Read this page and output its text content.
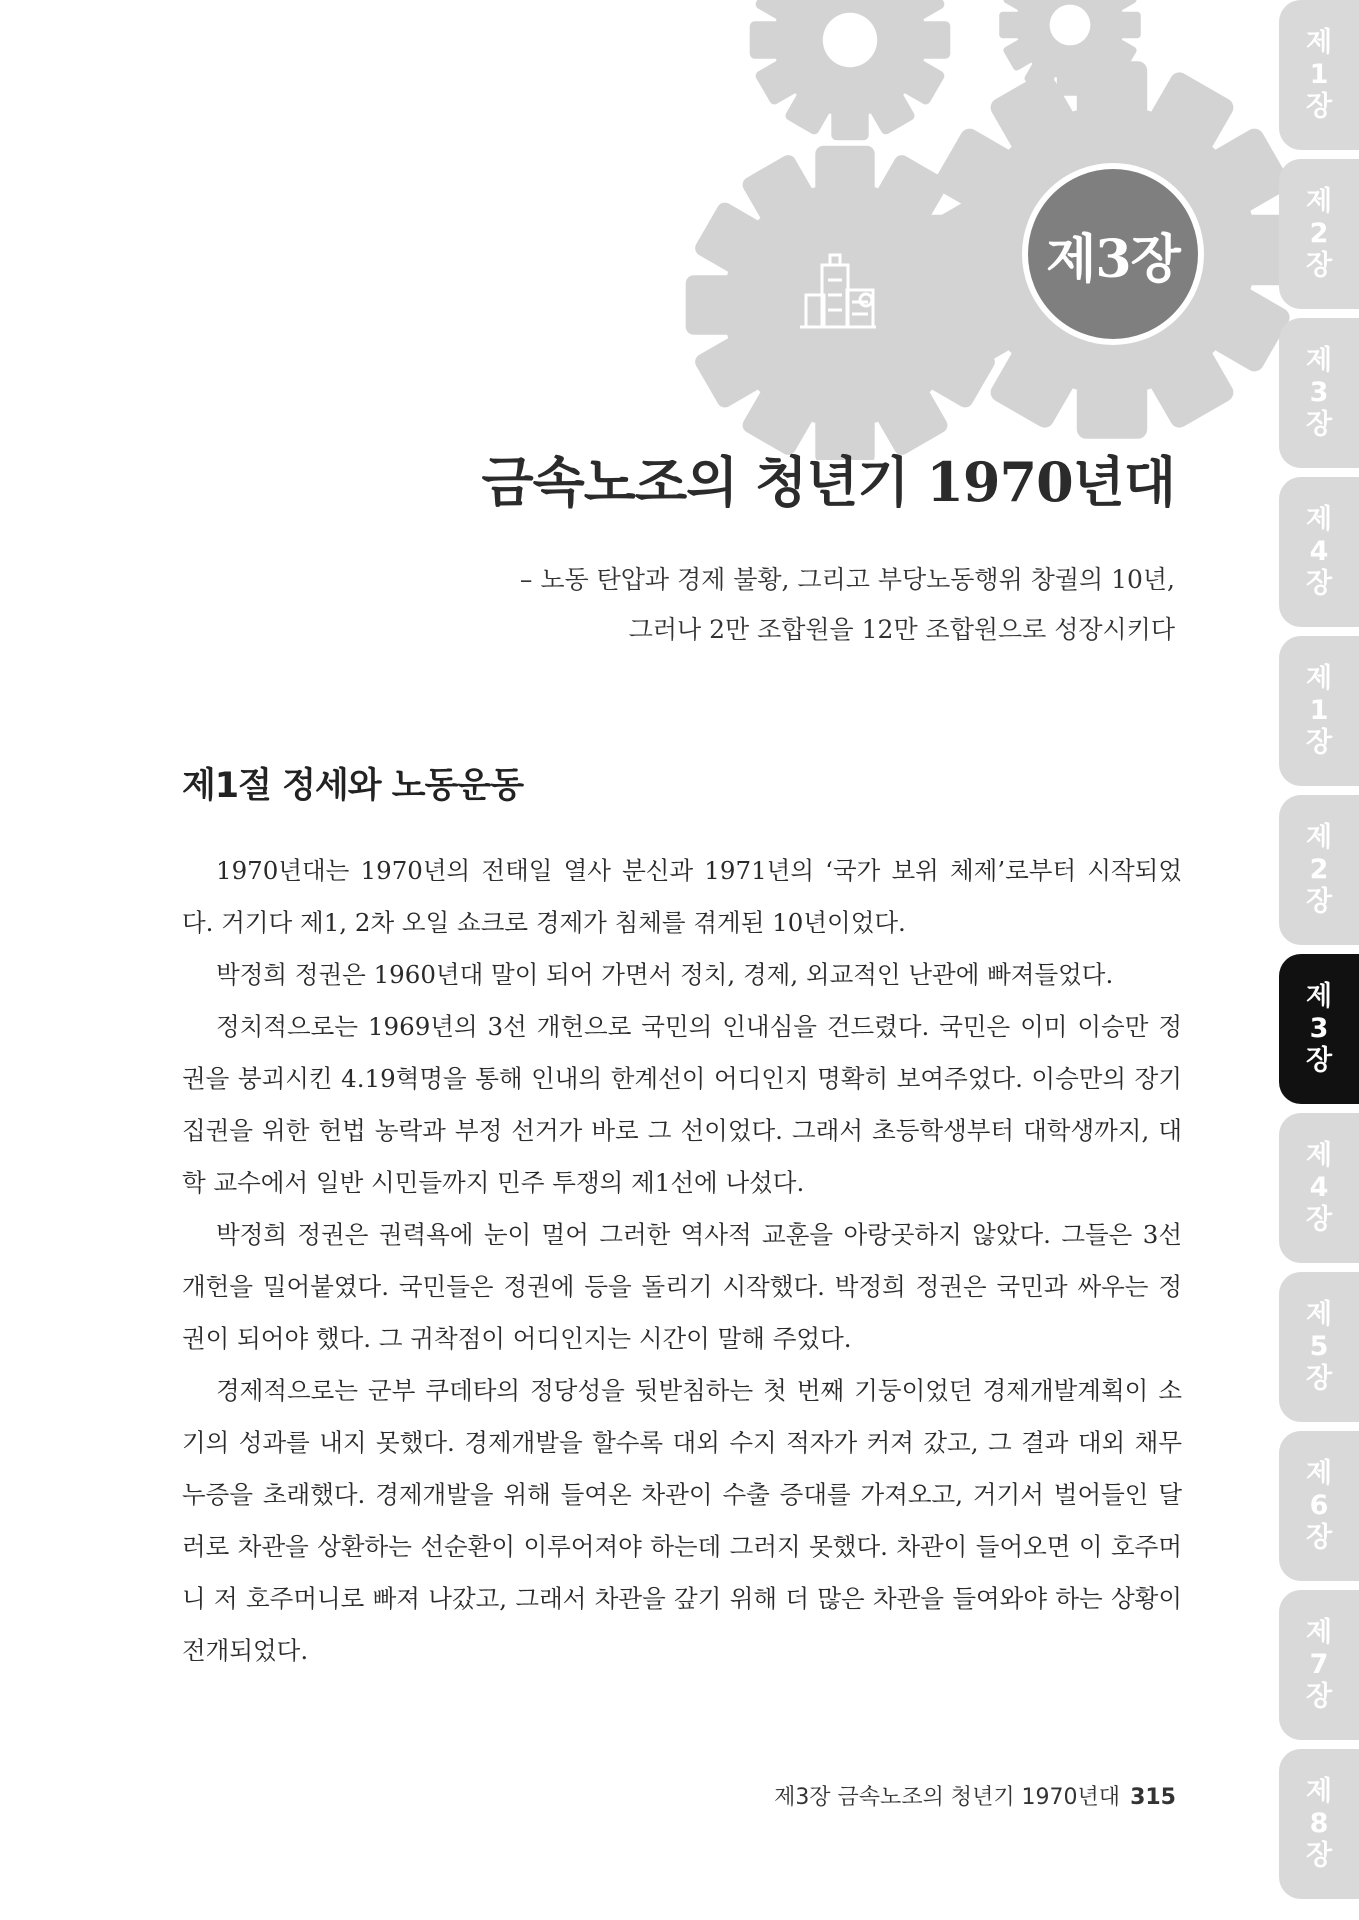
제3장
금속노조의 청년기 1970년대
– 노동 탄압과 경제 불황, 그리고 부당노동행위 창궐의 10년,
그러나 2만 조합원을 12만 조합원으로 성장시키다
제1절 정세와 노동운동

1970년대는 1970년의 전태일 열사 분신과 1971년의 ‘국가 보위 체제’로부터 시작되었다. 거기다 제1, 2차 오일 쇼크로 경제가 침체를 겪게된 10년이었다.

박정희 정권은 1960년대 말이 되어 가면서 정치, 경제, 외교적인 난관에 빠져들었다.

정치적으로는 1969년의 3선 개헌으로 국민의 인내심을 건드렸다. 국민은 이미 이승만 정권을 붕괴시킨 4.19혁명을 통해 인내의 한계선이 어디인지 명확히 보여주었다. 이승만의 장기 집권을 위한 헌법 농락과 부정 선거가 바로 그 선이었다. 그래서 초등학생부터 대학생까지, 대학 교수에서 일반 시민들까지 민주 투쟁의 제1선에 나섰다.

박정희 정권은 권력욕에 눈이 멀어 그러한 역사적 교훈을 아랑곳하지 않았다. 그들은 3선 개헌을 밀어붙였다. 국민들은 정권에 등을 돌리기 시작했다. 박정희 정권은 국민과 싸우는 정권이 되어야 했다. 그 귀착점이 어디인지는 시간이 말해 주었다.

경제적으로는 군부 쿠데타의 정당성을 뒷받침하는 첫 번째 기둥이었던 경제개발계획이 소기의 성과를 내지 못했다. 경제개발을 할수록 대외 수지 적자가 커져 갔고, 그 결과 대외 채무 누증을 초래했다. 경제개발을 위해 들여온 차관이 수출 증대를 가져오고, 거기서 벌어들인 달러로 차관을 상환하는 선순환이 이루어져야 하는데 그러지 못했다. 차관이 들어오면 이 호주머니 저 호주머니로 빠져 나갔고, 그래서 차관을 갚기 위해 더 많은 차관을 들여와야 하는 상황이 전개되었다.

제3장 금속노조의 청년기 1970년대 315
제
1
장
제
2
장
제
3
장
제
4
장
제
1
장
제
2
장
제
3
장
제
4
장
제
5
장
제
6
장
제
7
장
제
8
장
